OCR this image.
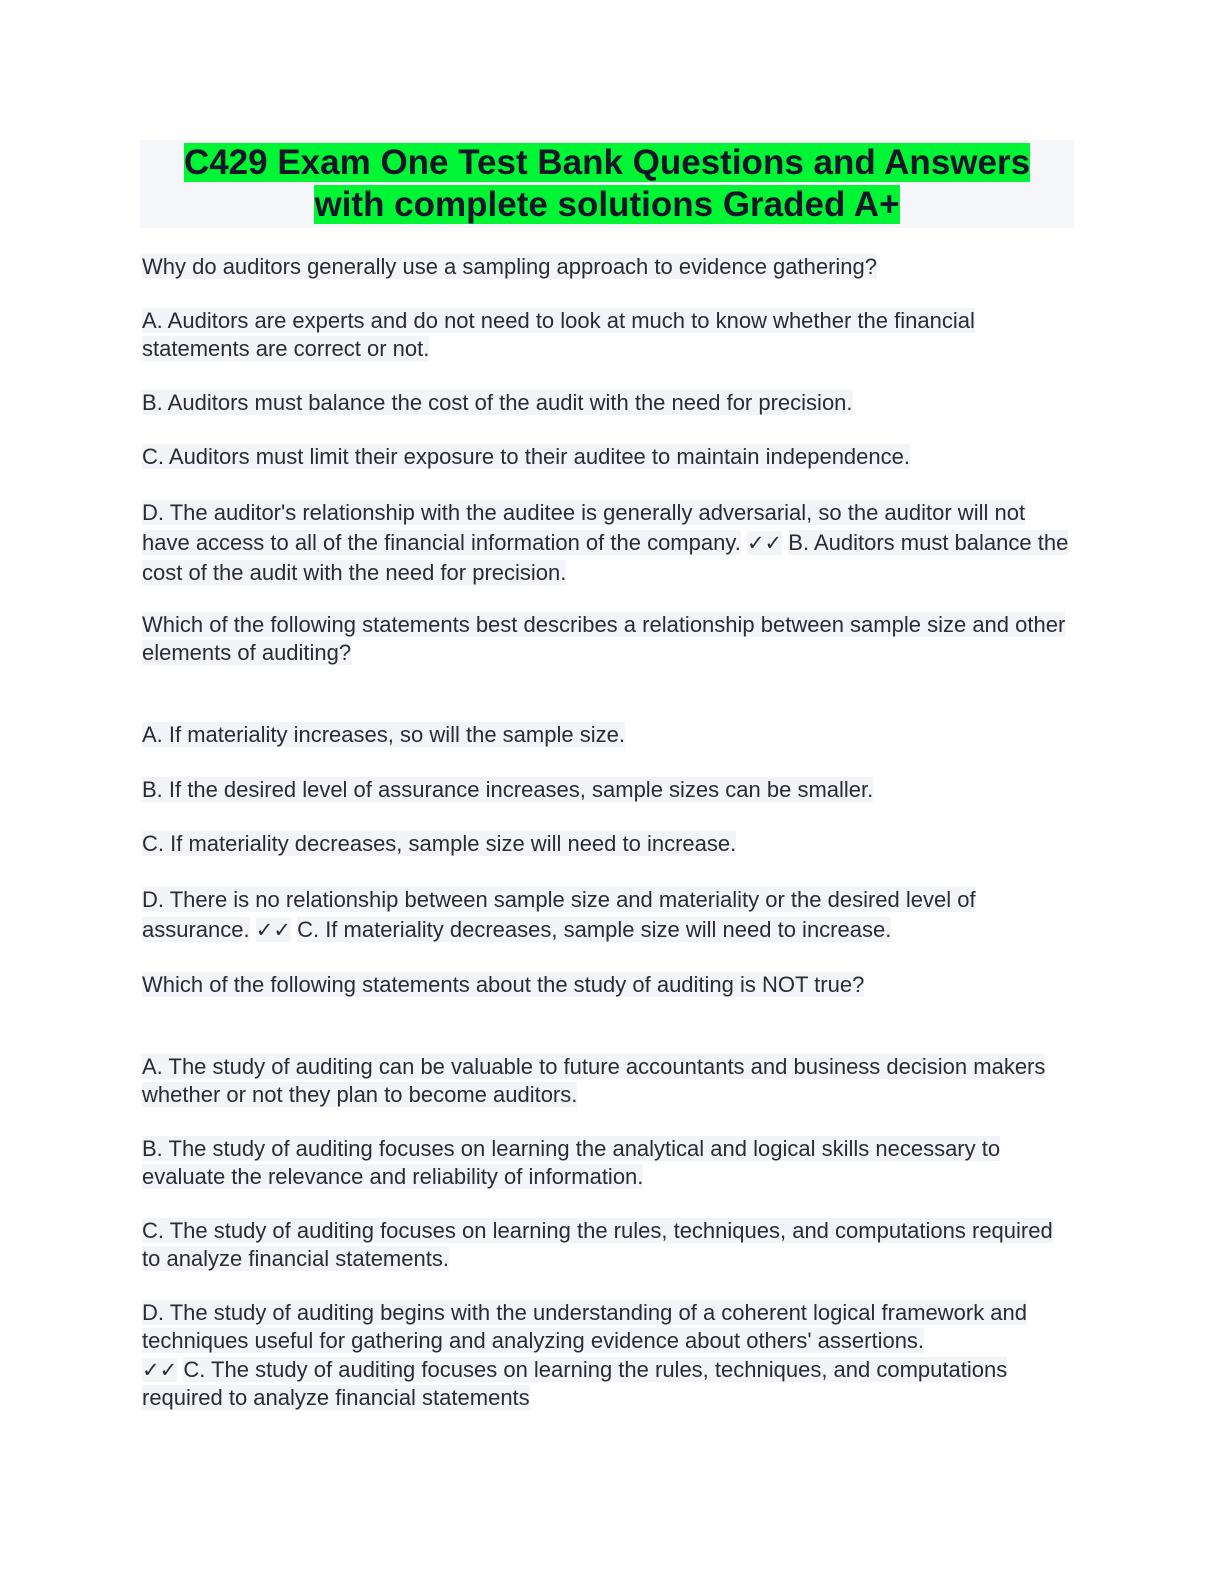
C429 Exam One Test Bank Questions and Answers

with complete solutions Graded A+

Why do auditors generally use a sampling approach to evidence gathering?

A. Auditors are experts and do not need to look at much to know whether the financial statements are correct or not.

B. Auditors must balance the cost of the audit with the need for precision.

C. Auditors must limit their exposure to their auditee to maintain independence.

D. The auditor's relationship with the auditee is generally adversarial, so the auditor will not have access to all of the financial information of the company. ✓✓ B. Auditors must balance the cost of the audit with the need for precision.

Which of the following statements best describes a relationship between sample size and other elements of auditing?

A. If materiality increases, so will the sample size.

B. If the desired level of assurance increases, sample sizes can be smaller.

C. If materiality decreases, sample size will need to increase.

D. There is no relationship between sample size and materiality or the desired level of assurance. ✓✓ C. If materiality decreases, sample size will need to increase.

Which of the following statements about the study of auditing is NOT true?

A. The study of auditing can be valuable to future accountants and business decision makers whether or not they plan to become auditors.

B. The study of auditing focuses on learning the analytical and logical skills necessary to evaluate the relevance and reliability of information.

C. The study of auditing focuses on learning the rules, techniques, and computations required to analyze financial statements.

D. The study of auditing begins with the understanding of a coherent logical framework and techniques useful for gathering and analyzing evidence about others' assertions.

✓✓ C. The study of auditing focuses on learning the rules, techniques, and computations required to analyze financial statements
